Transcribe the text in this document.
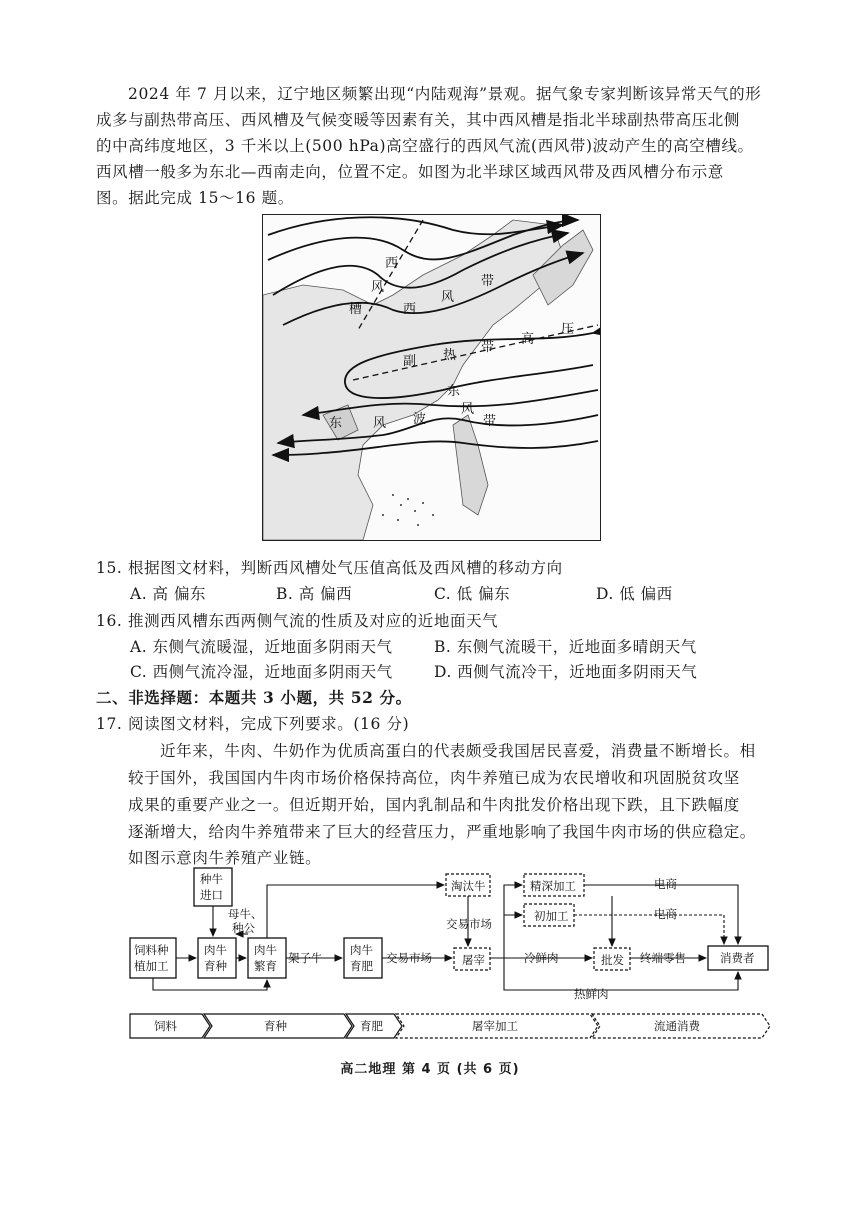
2024 年 7 月以来，辽宁地区频繁出现“内陆观海”景观。据气象专家判断该异常天气的形
成多与副热带高压、西风槽及气候变暖等因素有关，其中西风槽是指北半球副热带高压北侧
的中高纬度地区，3 千米以上(500 hPa)高空盛行的西风气流(西风带)波动产生的高空槽线。
西风槽一般多为东北—西南走向，位置不定。如图为北半球区域西风带及西风槽分布示意
图。据此完成 15～16 题。
西
风
槽	西
风
带
副 热
带
高
压
东
风
带
东 风 波
15. 根据图文材料，判断西风槽处气压值高低及西风槽的移动方向
A. 高 偏东	B. 高 偏西	C. 低 偏东	D. 低 偏西
16. 推测西风槽东西两侧气流的性质及对应的近地面天气
A. 东侧气流暖湿，近地面多阴雨天气	B. 东侧气流暖干，近地面多晴朗天气
C. 西侧气流冷湿，近地面多阴雨天气	D. 西侧气流冷干，近地面多阴雨天气
二、非选择题：本题共 3 小题，共 52 分。
17. 阅读图文材料，完成下列要求。(16 分)
近年来，牛肉、牛奶作为优质高蛋白的代表颇受我国居民喜爱，消费量不断增长。相
较于国外，我国国内牛肉市场价格保持高位，肉牛养殖已成为农民增收和巩固脱贫攻坚
成果的重要产业之一。但近期开始，国内乳制品和牛肉批发价格出现下跌，且下跌幅度
逐渐增大，给肉牛养殖带来了巨大的经营压力，严重地影响了我国牛肉市场的供应稳定。
如图示意肉牛养殖产业链。
种牛
进口
饲料种
植加工
肉牛
育种
肉牛
繁育
肉牛
育肥
消费者
淘汰牛
屠宰
精深加工
初加工
批发
母牛、
种公
架子牛	交易市场
交易市场
电商
电商
冷鲜肉	终端零售
热鲜肉
饲料	育种	育肥	屠宰加工	流通消费
高二地理 第 4 页 (共 6 页)
